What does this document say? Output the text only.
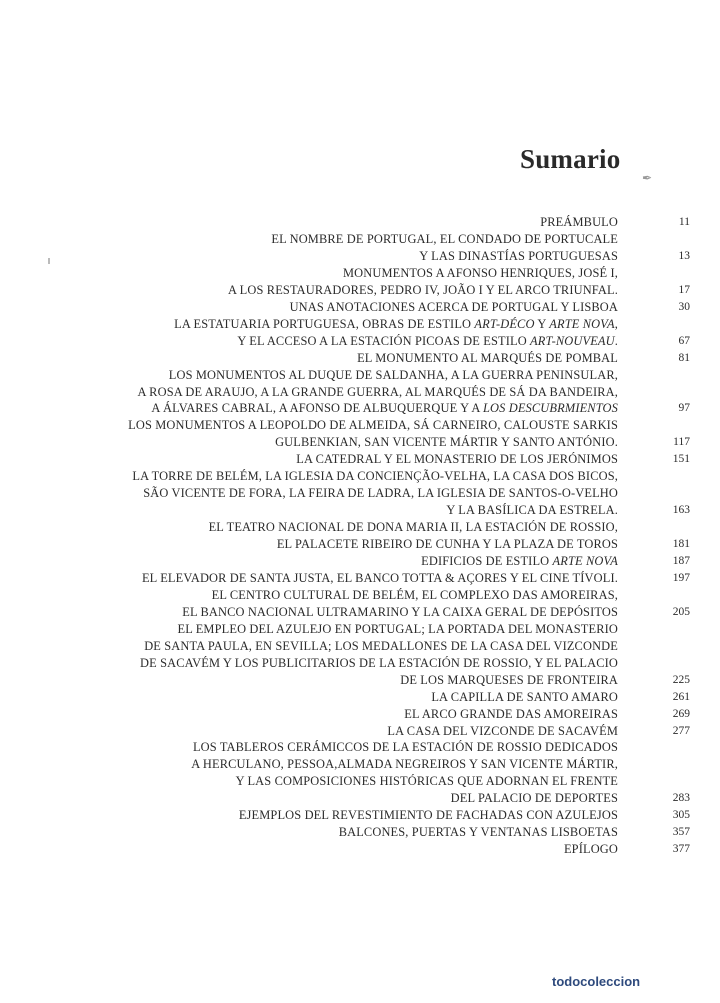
Sumario
✒
PREÁMBULO	11
EL NOMBRE DE PORTUGAL, EL CONDADO DE PORTUCALE
Y LAS DINASTÍAS PORTUGUESAS	13
MONUMENTOS A AFONSO HENRIQUES, JOSÉ I,
A LOS RESTAURADORES, PEDRO IV, JOÃO I Y EL ARCO TRIUNFAL.	17
UNAS ANOTACIONES ACERCA DE PORTUGAL Y LISBOA	30
LA ESTATUARIA PORTUGUESA, OBRAS DE ESTILO ART-DÉCO Y ARTE NOVA,
Y EL ACCESO A LA ESTACIÓN PICOAS DE ESTILO ART-NOUVEAU.	67
EL MONUMENTO AL MARQUÉS DE POMBAL	81
LOS MONUMENTOS AL DUQUE DE SALDANHA, A LA GUERRA PENINSULAR,
A ROSA DE ARAUJO, A LA GRANDE GUERRA, AL MARQUÉS DE SÁ DA BANDEIRA,
A ÁLVARES CABRAL, A AFONSO DE ALBUQUERQUE Y A LOS DESCUBRMIENTOS	97
LOS MONUMENTOS A LEOPOLDO DE ALMEIDA, SÁ CARNEIRO, CALOUSTE SARKIS
GULBENKIAN, SAN VICENTE MÁRTIR Y SANTO ANTÓNIO.	117
LA CATEDRAL Y EL MONASTERIO DE LOS JERÓNIMOS	151
LA TORRE DE BELÉM, LA IGLESIA DA CONCIENÇÃO-VELHA, LA CASA DOS BICOS,
SÃO VICENTE DE FORA, LA FEIRA DE LADRA, LA IGLESIA DE SANTOS-O-VELHO
Y LA BASÍLICA DA ESTRELA.	163
EL TEATRO NACIONAL DE DONA MARIA II, LA ESTACIÓN DE ROSSIO,
EL PALACETE RIBEIRO DE CUNHA Y LA PLAZA DE TOROS	181
EDIFICIOS DE ESTILO ARTE NOVA	187
EL ELEVADOR DE SANTA JUSTA, EL BANCO TOTTA & AÇORES Y EL CINE TÍVOLI.	197
EL CENTRO CULTURAL DE BELÉM, EL COMPLEXO DAS AMOREIRAS,
EL BANCO NACIONAL ULTRAMARINO Y LA CAIXA GERAL DE DEPÓSITOS	205
EL EMPLEO DEL AZULEJO EN PORTUGAL; LA PORTADA DEL MONASTERIO
DE SANTA PAULA, EN SEVILLA; LOS MEDALLONES DE LA CASA DEL VIZCONDE
DE SACAVÉM Y LOS PUBLICITARIOS DE LA ESTACIÓN DE ROSSIO, Y EL PALACIO
DE LOS MARQUESES DE FRONTEIRA	225
LA CAPILLA DE SANTO AMARO	261
EL ARCO GRANDE DAS AMOREIRAS	269
LA CASA DEL VIZCONDE DE SACAVÉM	277
LOS TABLEROS CERÁMICCOS DE LA ESTACIÓN DE ROSSIO DEDICADOS
A HERCULANO, PESSOA,ALMADA NEGREIROS Y SAN VICENTE MÁRTIR,
Y LAS COMPOSICIONES HISTÓRICAS QUE ADORNAN EL FRENTE
DEL PALACIO DE DEPORTES	283
EJEMPLOS DEL REVESTIMIENTO DE FACHADAS CON AZULEJOS	305
BALCONES, PUERTAS Y VENTANAS LISBOETAS	357
EPÍLOGO	377
todocoleccion
